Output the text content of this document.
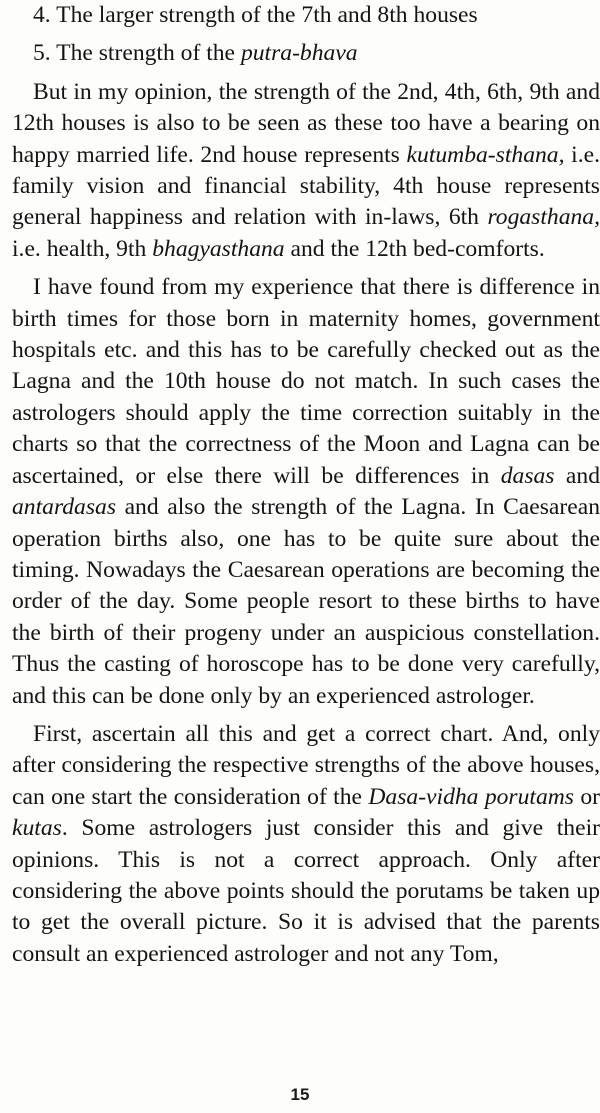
4. The larger strength of the 7th and 8th houses

5. The strength of the putra-bhava

But in my opinion, the strength of the 2nd, 4th, 6th, 9th and 12th houses is also to be seen as these too have a bearing on happy married life. 2nd house represents kutumba-sthana, i.e. family vision and financial stability, 4th house represents general happiness and relation with in-laws, 6th rogasthana, i.e. health, 9th bhagyasthana and the 12th bed-comforts.

I have found from my experience that there is difference in birth times for those born in maternity homes, government hospitals etc. and this has to be carefully checked out as the Lagna and the 10th house do not match. In such cases the astrologers should apply the time correction suitably in the charts so that the correctness of the Moon and Lagna can be ascertained, or else there will be differences in dasas and antardasas and also the strength of the Lagna. In Caesarean operation births also, one has to be quite sure about the timing. Nowadays the Caesarean operations are becoming the order of the day. Some people resort to these births to have the birth of their progeny under an auspicious constellation. Thus the casting of horoscope has to be done very carefully, and this can be done only by an experienced astrologer.

First, ascertain all this and get a correct chart. And, only after considering the respective strengths of the above houses, can one start the consideration of the Dasa-vidha porutams or kutas. Some astrologers just consider this and give their opinions. This is not a correct approach. Only after considering the above points should the porutams be taken up to get the overall picture. So it is advised that the parents consult an experienced astrologer and not any Tom,

15
